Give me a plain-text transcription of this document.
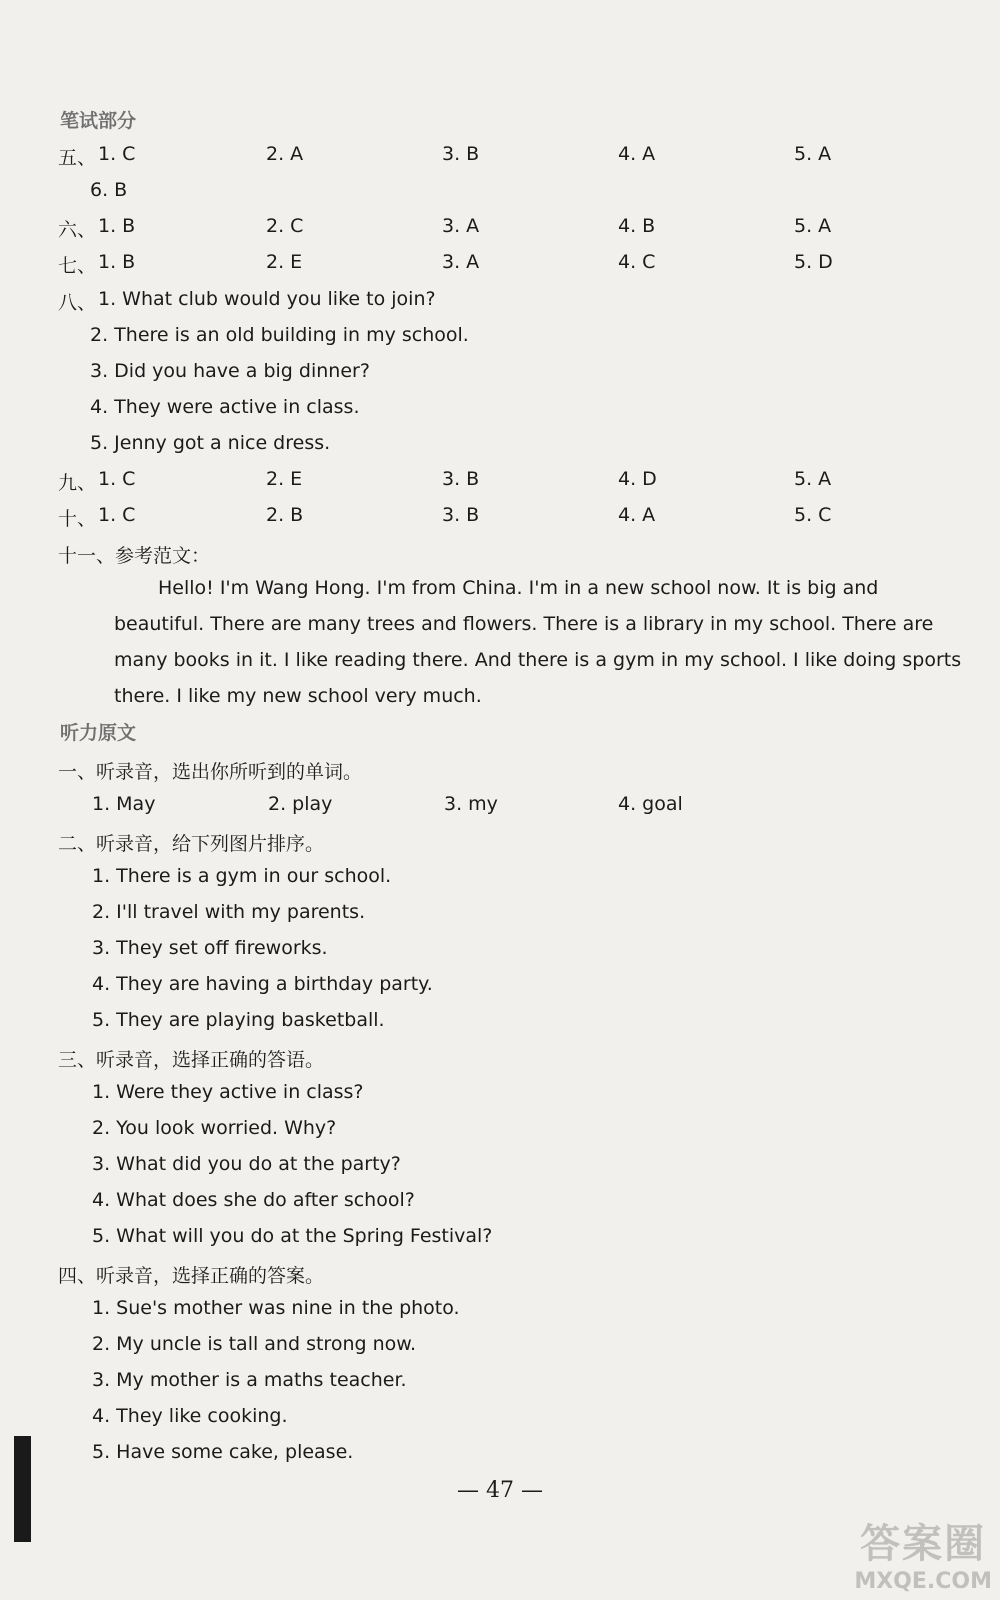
笔试部分
五、 1. C	2. A	3. B	4. A	5. A
6. B
六、 1. B	2. C	3. A	4. B	5. A
七、 1. B	2. E	3. A	4. C	5. D
八、 1. What club would you like to join?
2. There is an old building in my school.
3. Did you have a big dinner?
4. They were active in class.
5. Jenny got a nice dress.
九、 1. C	2. E	3. B	4. D	5. A
十、 1. C	2. B	3. B	4. A	5. C
十一、参考范文：
Hello! I'm Wang Hong. I'm from China. I'm in a new school now. It is big and
beautiful. There are many trees and flowers. There is a library in my school. There are
many books in it. I like reading there. And there is a gym in my school. I like doing sports
there. I like my new school very much.
听力原文
一、听录音，选出你所听到的单词。
1. May	2. play	3. my	4. goal
二、听录音，给下列图片排序。
1. There is a gym in our school.
2. I'll travel with my parents.
3. They set off fireworks.
4. They are having a birthday party.
5. They are playing basketball.
三、听录音，选择正确的答语。
1. Were they active in class?
2. You look worried. Why?
3. What did you do at the party?
4. What does she do after school?
5. What will you do at the Spring Festival?
四、听录音，选择正确的答案。
1. Sue's mother was nine in the photo.
2. My uncle is tall and strong now.
3. My mother is a maths teacher.
4. They like cooking.
5. Have some cake, please.
— 47 —
答案圈
MXQE.COM
